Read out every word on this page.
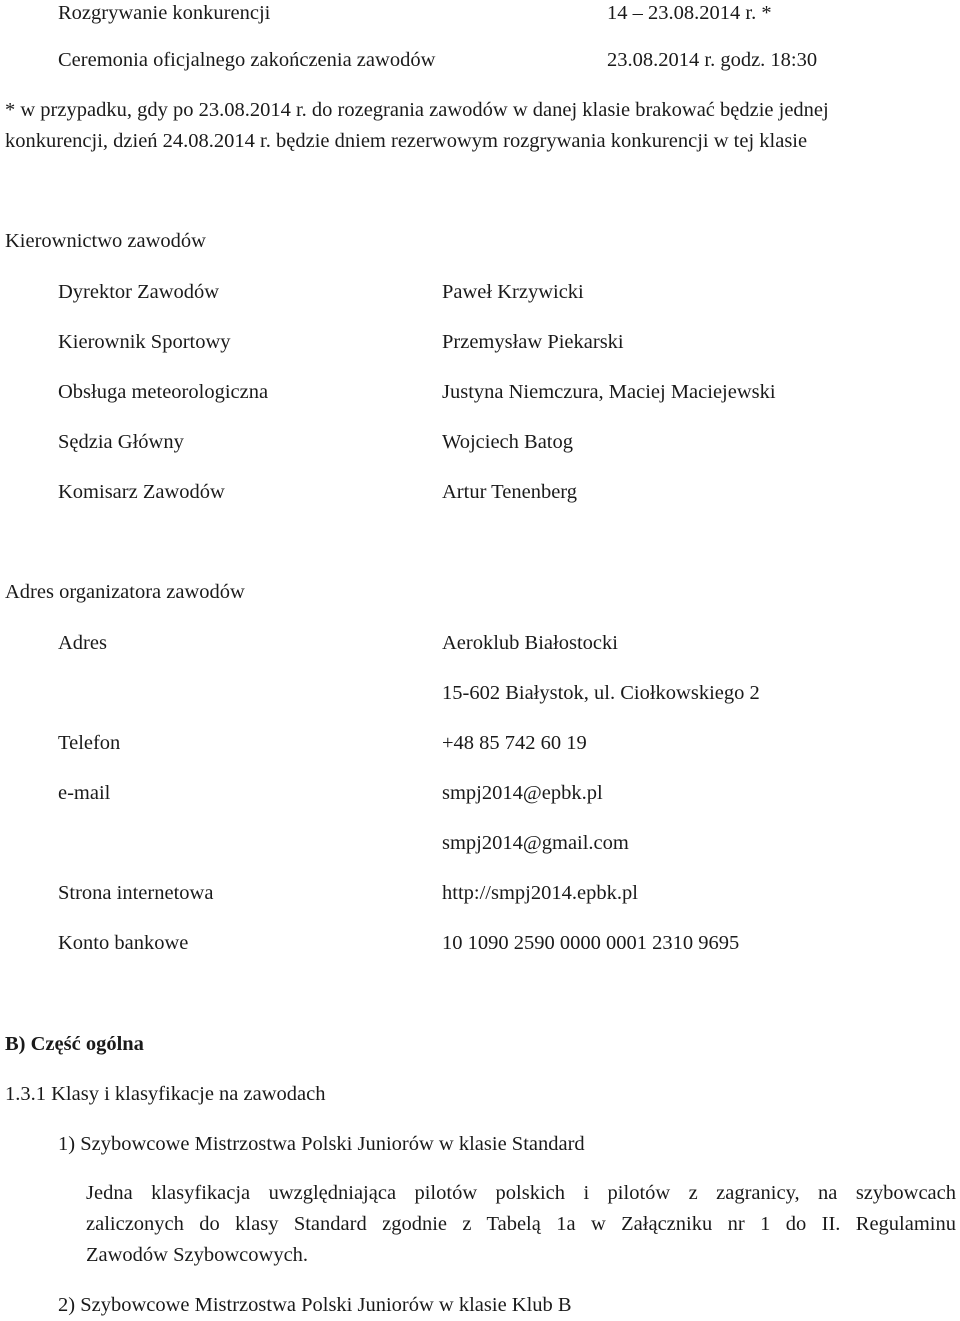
Rozgrywanie konkurencji	14 – 23.08.2014 r. *
Ceremonia oficjalnego zakończenia zawodów	23.08.2014 r. godz. 18:30
* w przypadku, gdy po 23.08.2014 r. do rozegrania zawodów w danej klasie brakować będzie jednej
konkurencji, dzień 24.08.2014 r. będzie dniem rezerwowym rozgrywania konkurencji w tej klasie
Kierownictwo zawodów
Dyrektor Zawodów	Paweł Krzywicki
Kierownik Sportowy	Przemysław Piekarski
Obsługa meteorologiczna	Justyna Niemczura, Maciej Maciejewski
Sędzia Główny	Wojciech Batog
Komisarz Zawodów	Artur Tenenberg
Adres organizatora zawodów
Adres	Aeroklub Białostocki
15-602 Białystok, ul. Ciołkowskiego 2
Telefon	+48 85 742 60 19
e-mail	smpj2014@epbk.pl
smpj2014@gmail.com
Strona internetowa	http://smpj2014.epbk.pl
Konto bankowe	10 1090 2590 0000 0001 2310 9695
B) Część ogólna
1.3.1 Klasy i klasyfikacje na zawodach
1) Szybowcowe Mistrzostwa Polski Juniorów w klasie Standard
Jedna klasyfikacja uwzględniająca pilotów polskich i pilotów z zagranicy, na szybowcach
zaliczonych do klasy Standard zgodnie z Tabelą 1a w Załączniku nr 1 do II. Regulaminu
Zawodów Szybowcowych.
2) Szybowcowe Mistrzostwa Polski Juniorów w klasie Klub B
